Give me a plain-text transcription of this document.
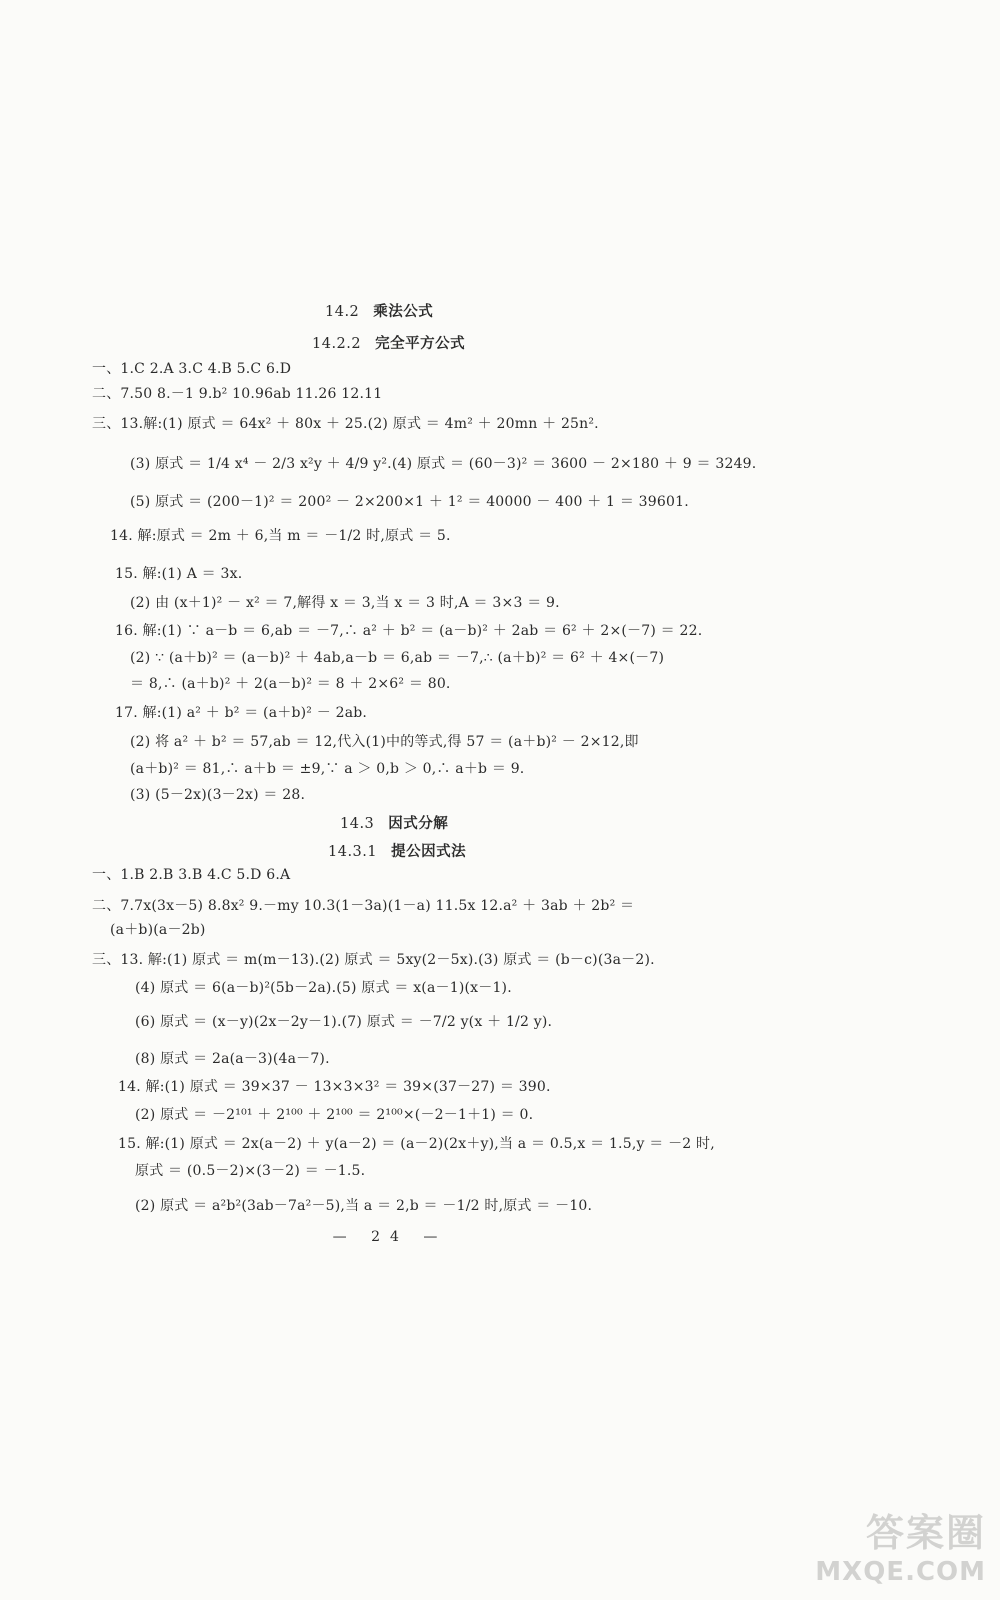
14.2 乘法公式
14.2.2 完全平方公式
一、1.C 2.A 3.C 4.B 5.C 6.D
二、7.50 8.－1 9.b² 10.96ab 11.26 12.11
三、13.解:(1) 原式 ＝ 64x² ＋ 80x ＋ 25.(2) 原式 ＝ 4m² ＋ 20mn ＋ 25n².
(3) 原式 ＝ 1/4 x⁴ － 2/3 x²y ＋ 4/9 y².(4) 原式 ＝ (60－3)² ＝ 3600 － 2×180 ＋ 9 ＝ 3249.
(5) 原式 ＝ (200－1)² ＝ 200² － 2×200×1 ＋ 1² ＝ 40000 － 400 ＋ 1 ＝ 39601.
14. 解:原式 ＝ 2m ＋ 6,当 m ＝ －1/2 时,原式 ＝ 5.
15. 解:(1) A ＝ 3x.
(2) 由 (x＋1)² － x² ＝ 7,解得 x ＝ 3,当 x ＝ 3 时,A ＝ 3×3 ＝ 9.
16. 解:(1) ∵ a－b ＝ 6,ab ＝ －7,∴ a² ＋ b² ＝ (a－b)² ＋ 2ab ＝ 6² ＋ 2×(－7) ＝ 22.
(2) ∵ (a＋b)² ＝ (a－b)² ＋ 4ab,a－b ＝ 6,ab ＝ －7,∴ (a＋b)² ＝ 6² ＋ 4×(－7)
＝ 8,∴ (a＋b)² ＋ 2(a－b)² ＝ 8 ＋ 2×6² ＝ 80.
17. 解:(1) a² ＋ b² ＝ (a＋b)² － 2ab.
(2) 将 a² ＋ b² ＝ 57,ab ＝ 12,代入(1)中的等式,得 57 ＝ (a＋b)² － 2×12,即
(a＋b)² ＝ 81,∴ a＋b ＝ ±9,∵ a ＞ 0,b ＞ 0,∴ a＋b ＝ 9.
(3) (5－2x)(3－2x) ＝ 28.
14.3 因式分解
14.3.1 提公因式法
一、1.B 2.B 3.B 4.C 5.D 6.A
二、7.7x(3x－5) 8.8x² 9.－my 10.3(1－3a)(1－a) 11.5x 12.a² ＋ 3ab ＋ 2b² ＝
(a＋b)(a－2b)
三、13. 解:(1) 原式 ＝ m(m－13).(2) 原式 ＝ 5xy(2－5x).(3) 原式 ＝ (b－c)(3a－2).
(4) 原式 ＝ 6(a－b)²(5b－2a).(5) 原式 ＝ x(a－1)(x－1).
(6) 原式 ＝ (x－y)(2x－2y－1).(7) 原式 ＝ －7/2 y(x ＋ 1/2 y).
(8) 原式 ＝ 2a(a－3)(4a－7).
14. 解:(1) 原式 ＝ 39×37 － 13×3×3² ＝ 39×(37－27) ＝ 390.
(2) 原式 ＝ －2¹⁰¹ ＋ 2¹⁰⁰ ＋ 2¹⁰⁰ ＝ 2¹⁰⁰×(－2－1＋1) ＝ 0.
15. 解:(1) 原式 ＝ 2x(a－2) ＋ y(a－2) ＝ (a－2)(2x＋y),当 a ＝ 0.5,x ＝ 1.5,y ＝ －2 时,
原式 ＝ (0.5－2)×(3－2) ＝ －1.5.
(2) 原式 ＝ a²b²(3ab－7a²－5),当 a ＝ 2,b ＝ －1/2 时,原式 ＝ －10.
— 24 —
答案圈
MXQE.COM
